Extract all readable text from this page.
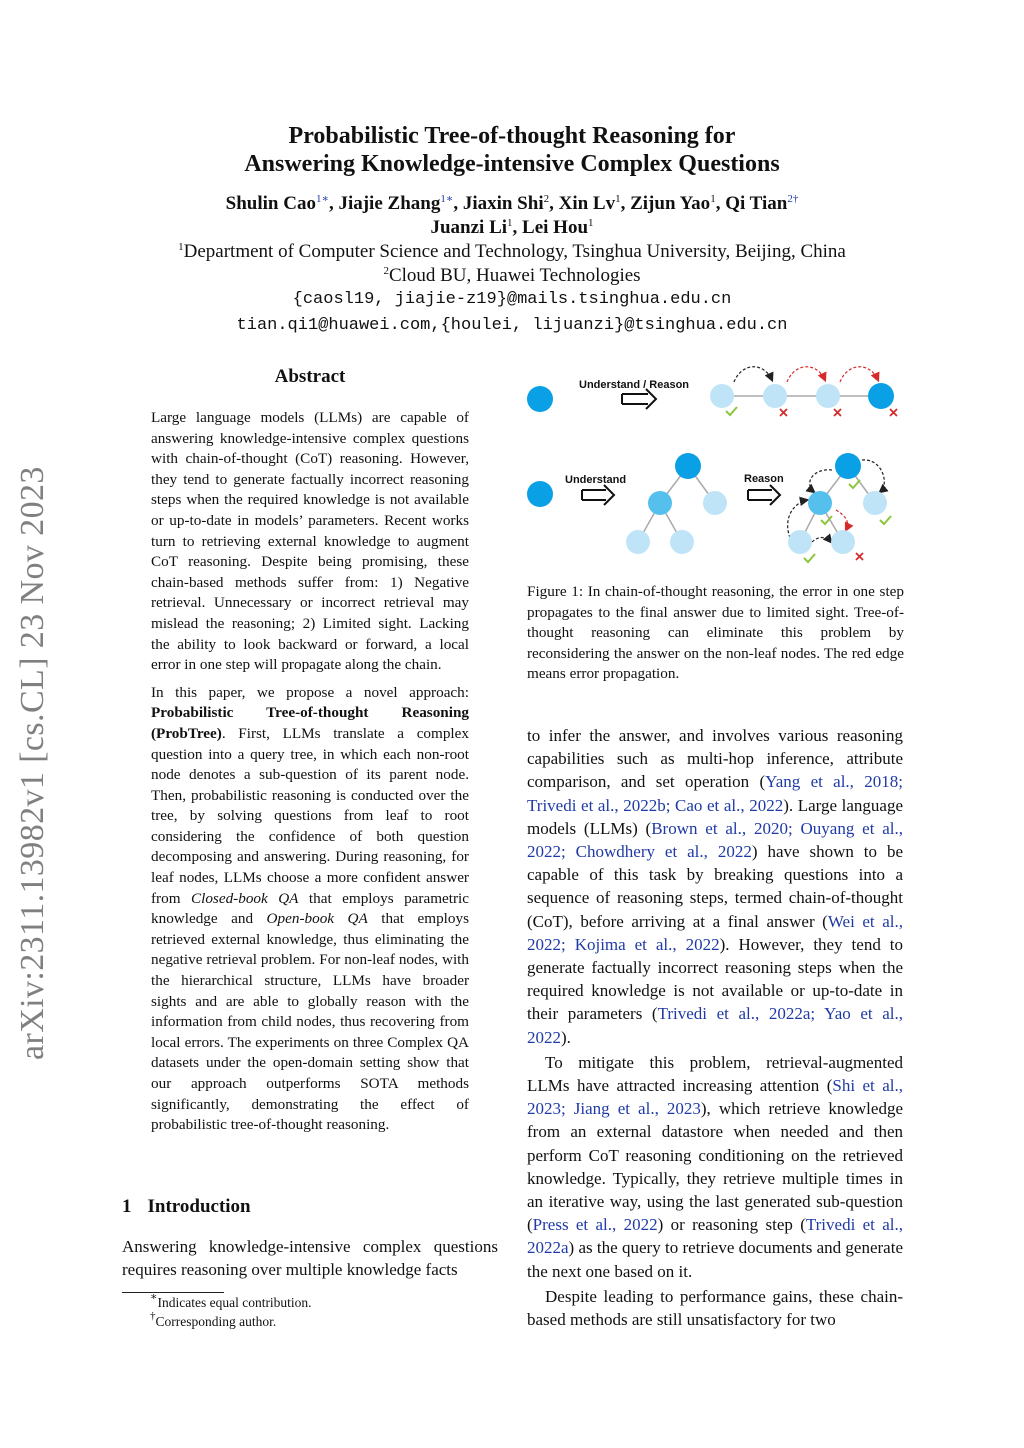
arXiv:2311.13982v1 [cs.CL] 23 Nov 2023
Probabilistic Tree-of-thought Reasoning for
Answering Knowledge-intensive Complex Questions
Shulin Cao$^{1∗}$, Jiajie Zhang$^{1∗}$, Jiaxin Shi$^2$, Xin Lv$^1$, Zijun Yao$^1$, Qi Tian$^{2\dagger}$
Juanzi Li$^1$, Lei Hou$^1$
$^1$Department of Computer Science and Technology, Tsinghua University, Beijing, China
$^2$Cloud BU, Huawei Technologies
{caosl19, jiajie-z19}@mails.tsinghua.edu.cn
tian.qi1@huawei.com,{houlei, lijuanzi}@tsinghua.edu.cn
Abstract

Large language models (LLMs) are capable of answering knowledge-intensive complex questions with chain-of-thought (CoT) reasoning. However, they tend to generate factually incorrect reasoning steps when the required knowledge is not available or up-to-date in models’ parameters. Recent works turn to retrieving external knowledge to augment CoT reasoning. Despite being promising, these chain-based methods suffer from: 1) Negative retrieval. Unnecessary or incorrect retrieval may mislead the reasoning; 2) Limited sight. Lacking the ability to look backward or forward, a local error in one step will propagate along the chain.

In this paper, we propose a novel approach: Probabilistic Tree-of-thought Reasoning (ProbTree). First, LLMs translate a complex question into a query tree, in which each non-root node denotes a sub-question of its parent node. Then, probabilistic reasoning is conducted over the tree, by solving questions from leaf to root considering the confidence of both question decomposing and answering. During reasoning, for leaf nodes, LLMs choose a more confident answer from Closed-book QA that employs parametric knowledge and Open-book QA that employs retrieved external knowledge, thus eliminating the negative retrieval problem. For non-leaf nodes, with the hierarchical structure, LLMs have broader sights and are able to globally reason with the information from child nodes, thus recovering from local errors. The experiments on three Complex QA datasets under the open-domain setting show that our approach outperforms SOTA methods significantly, demonstrating the effect of probabilistic tree-of-thought reasoning.

1 Introduction
Answering knowledge-intensive complex questions requires reasoning over multiple knowledge facts
∗Indicates equal contribution.
†Corresponding author.
Understand / Reason
Understand	Reason
Figure 1: In chain-of-thought reasoning, the error in one step propagates to the final answer due to limited sight. Tree-of-thought reasoning can eliminate this problem by reconsidering the answer on the non-leaf nodes. The red edge means error propagation.

to infer the answer, and involves various reasoning capabilities such as multi-hop inference, attribute comparison, and set operation (Yang et al., 2018; Trivedi et al., 2022b; Cao et al., 2022). Large language models (LLMs) (Brown et al., 2020; Ouyang et al., 2022; Chowdhery et al., 2022) have shown to be capable of this task by breaking questions into a sequence of reasoning steps, termed chain-of-thought (CoT), before arriving at a final answer (Wei et al., 2022; Kojima et al., 2022). However, they tend to generate factually incorrect reasoning steps when the required knowledge is not available or up-to-date in their parameters (Trivedi et al., 2022a; Yao et al., 2022).

To mitigate this problem, retrieval-augmented LLMs have attracted increasing attention (Shi et al., 2023; Jiang et al., 2023), which retrieve knowledge from an external datastore when needed and then perform CoT reasoning conditioning on the retrieved knowledge. Typically, they retrieve multiple times in an iterative way, using the last generated sub-question (Press et al., 2022) or reasoning step (Trivedi et al., 2022a) as the query to retrieve documents and generate the next one based on it.

Despite leading to performance gains, these chain-based methods are still unsatisfactory for two
